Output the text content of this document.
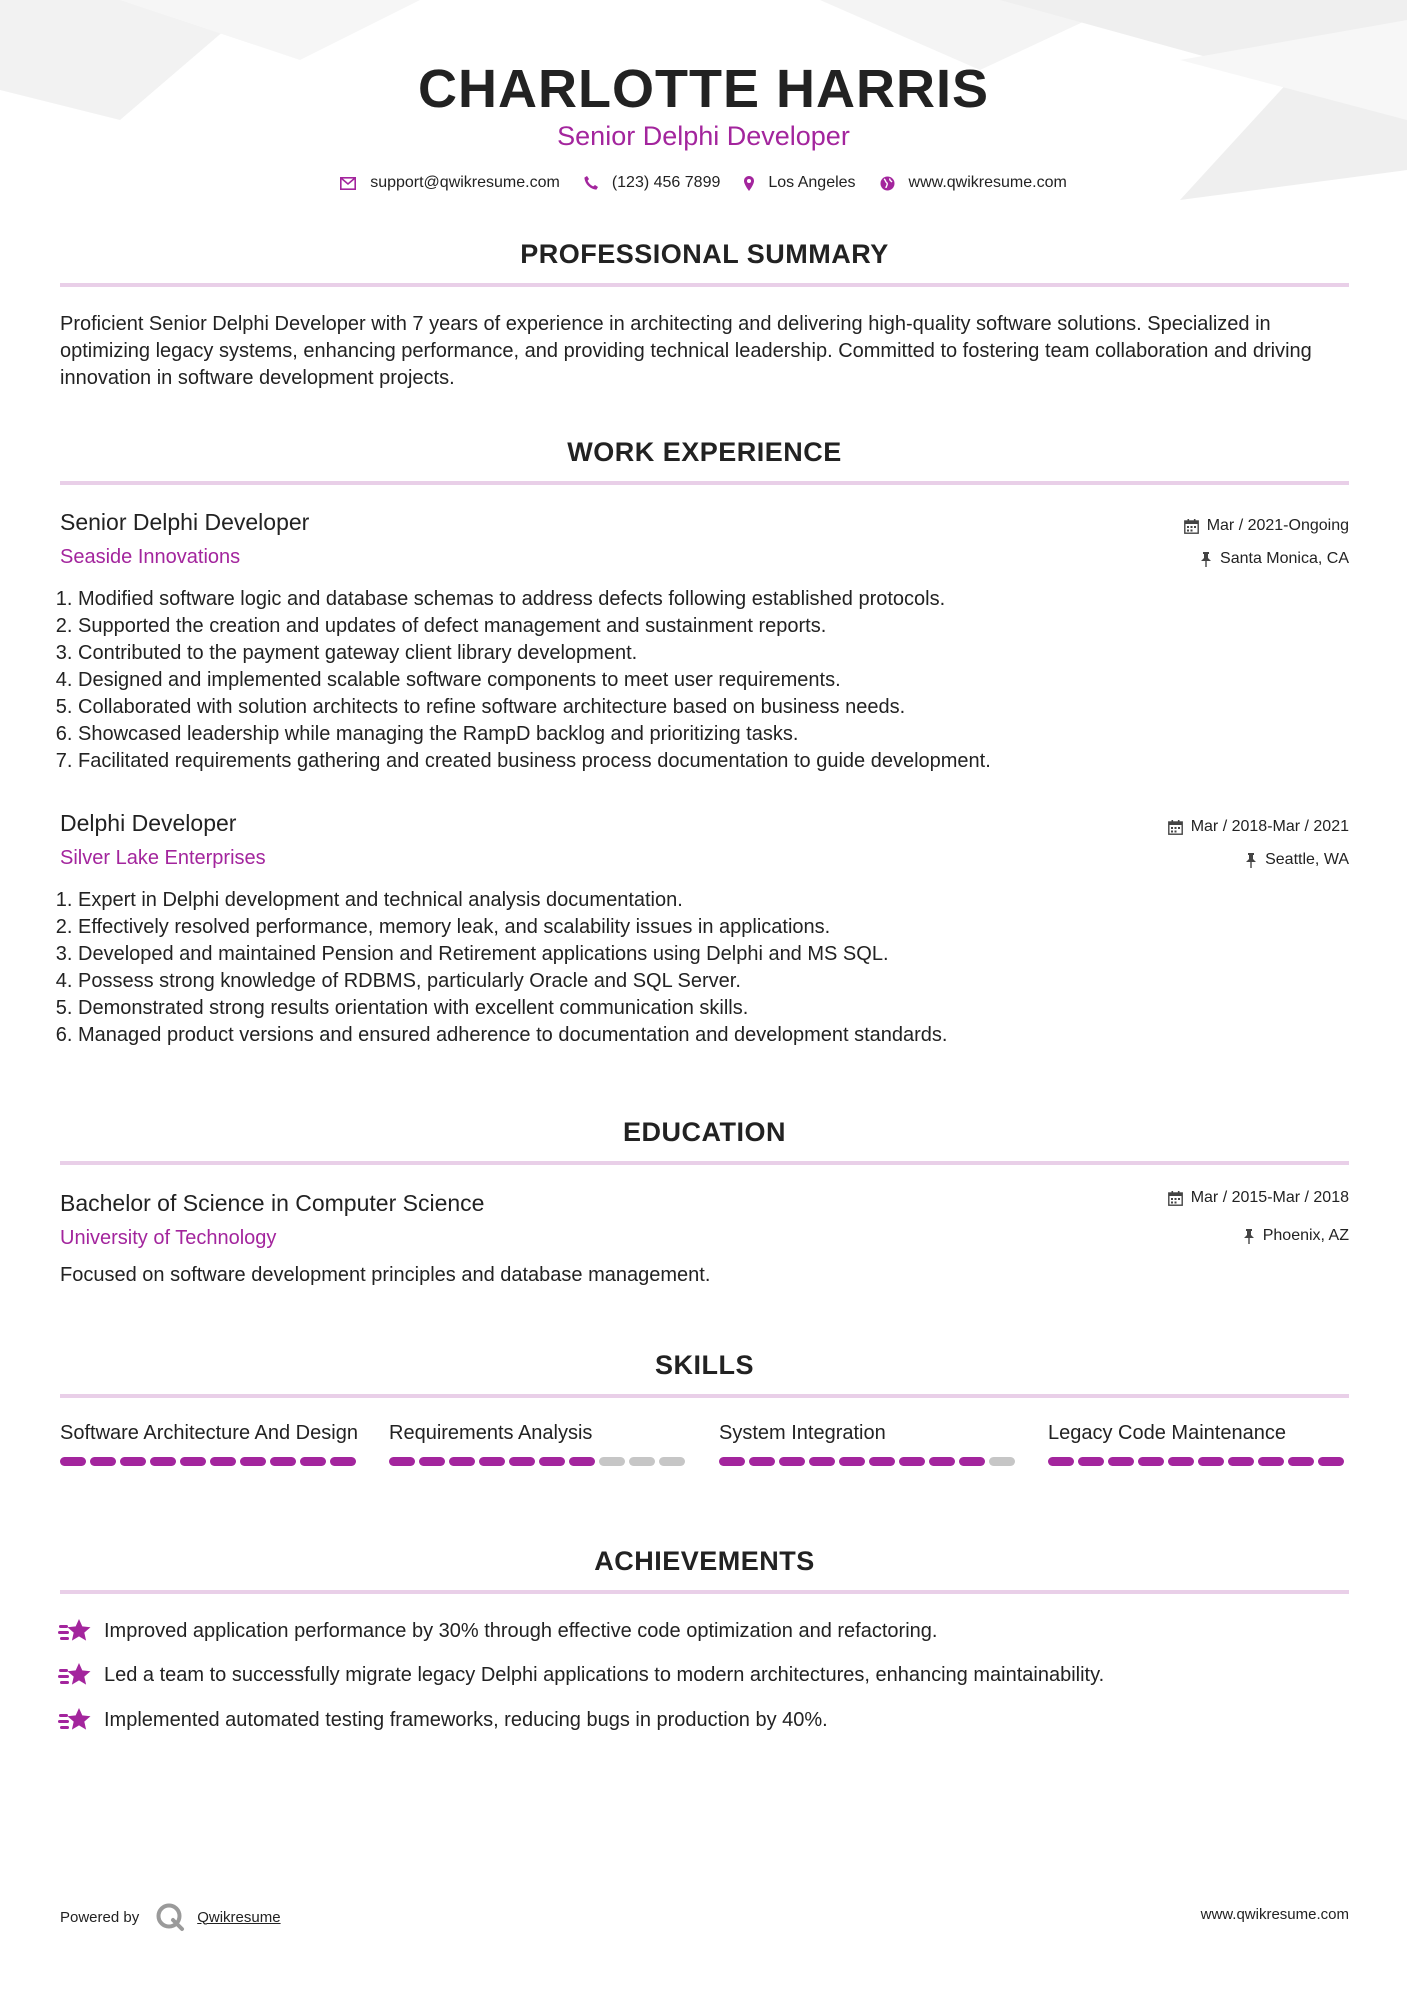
CHARLOTTE HARRIS
Senior Delphi Developer
support@qwikresume.com	(123) 456 7899	Los Angeles	www.qwikresume.com
PROFESSIONAL SUMMARY
Proficient Senior Delphi Developer with 7 years of experience in architecting and delivering high-quality software solutions. Specialized in
optimizing legacy systems, enhancing performance, and providing technical leadership. Committed to fostering team collaboration and driving
innovation in software development projects.
WORK EXPERIENCE
Senior Delphi Developer
Seaside Innovations
Mar / 2021-Ongoing
Santa Monica, CA
1. Modified software logic and database schemas to address defects following established protocols.
2. Supported the creation and updates of defect management and sustainment reports.
3. Contributed to the payment gateway client library development.
4. Designed and implemented scalable software components to meet user requirements.
5. Collaborated with solution architects to refine software architecture based on business needs.
6. Showcased leadership while managing the RampD backlog and prioritizing tasks.
7. Facilitated requirements gathering and created business process documentation to guide development.
Delphi Developer
Silver Lake Enterprises
Mar / 2018-Mar / 2021
Seattle, WA
1. Expert in Delphi development and technical analysis documentation.
2. Effectively resolved performance, memory leak, and scalability issues in applications.
3. Developed and maintained Pension and Retirement applications using Delphi and MS SQL.
4. Possess strong knowledge of RDBMS, particularly Oracle and SQL Server.
5. Demonstrated strong results orientation with excellent communication skills.
6. Managed product versions and ensured adherence to documentation and development standards.
EDUCATION
Bachelor of Science in Computer Science
University of Technology
Mar / 2015-Mar / 2018
Phoenix, AZ
Focused on software development principles and database management.
SKILLS
Software Architecture And Design Requirements Analysis	System Integration	Legacy Code Maintenance
ACHIEVEMENTS
Improved application performance by 30% through effective code optimization and refactoring.
Led a team to successfully migrate legacy Delphi applications to modern architectures, enhancing maintainability.
Implemented automated testing frameworks, reducing bugs in production by 40%.
Powered by	Qwikresume	www.qwikresume.com
